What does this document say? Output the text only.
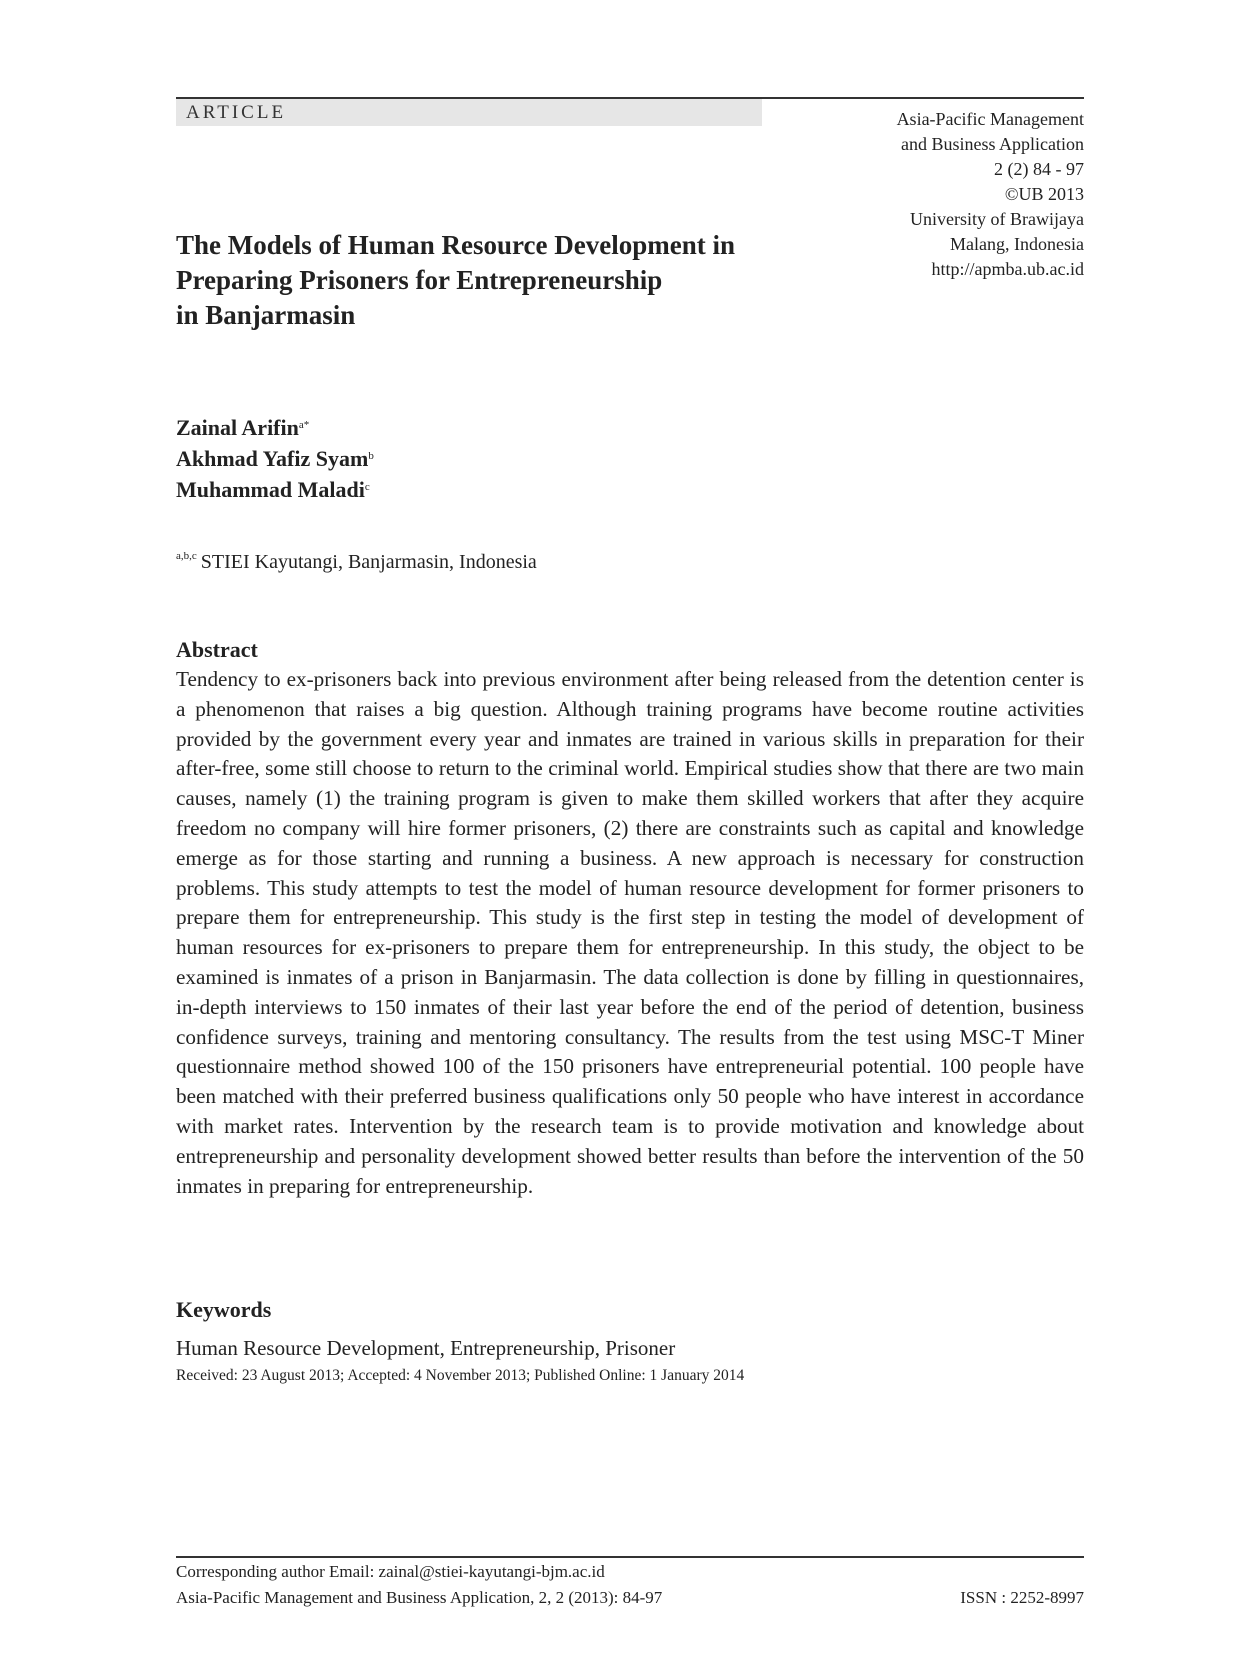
ARTICLE	Asia-Pacific Management
and Business Application
2 (2) 84 - 97
©UB 2013
University of Brawijaya
Malang, Indonesia
http://apmba.ub.ac.id
The Models of Human Resource Development in
Preparing Prisoners for Entrepreneurship
in Banjarmasin
Zainal Arifin$^{a*}$
Akhmad Yafiz Syam$^b$
Muhammad Maladi$^c$
$^{a,b,c}$ STIEI Kayutangi, Banjarmasin, Indonesia
Abstract

Tendency to ex-prisoners back into previous environment after being released from the detention center is a phenomenon that raises a big question. Although training programs have become routine activities provided by the government every year and inmates are trained in various skills in preparation for their after-free, some still choose to return to the criminal world. Empirical studies show that there are two main causes, namely (1) the training program is given to make them skilled workers that after they acquire freedom no company will hire former prisoners, (2) there are constraints such as capital and knowledge emerge as for those starting and running a business. A new approach is necessary for construction problems. This study attempts to test the model of human resource development for former prisoners to prepare them for entrepreneurship. This study is the first step in testing the model of development of human resources for ex-prisoners to prepare them for entrepreneurship. In this study, the object to be examined is inmates of a prison in Banjarmasin. The data collection is done by filling in questionnaires, in-depth interviews to 150 inmates of their last year before the end of the period of detention, business confidence surveys, training and mentoring consultancy. The results from the test using MSC-T Miner questionnaire method showed 100 of the 150 prisoners have entrepreneurial potential. 100 people have been matched with their preferred business qualifications only 50 people who have interest in accordance with market rates. Intervention by the research team is to provide motivation and knowledge about entrepreneurship and personality development showed better results than before the intervention of the 50 inmates in preparing for entrepreneurship.

Keywords
Human Resource Development, Entrepreneurship, Prisoner
Received: 23 August 2013; Accepted: 4 November 2013; Published Online: 1 January 2014
Corresponding author Email: zainal@stiei-kayutangi-bjm.ac.id
Asia-Pacific Management and Business Application, 2, 2 (2013): 84-97	ISSN : 2252-8997
